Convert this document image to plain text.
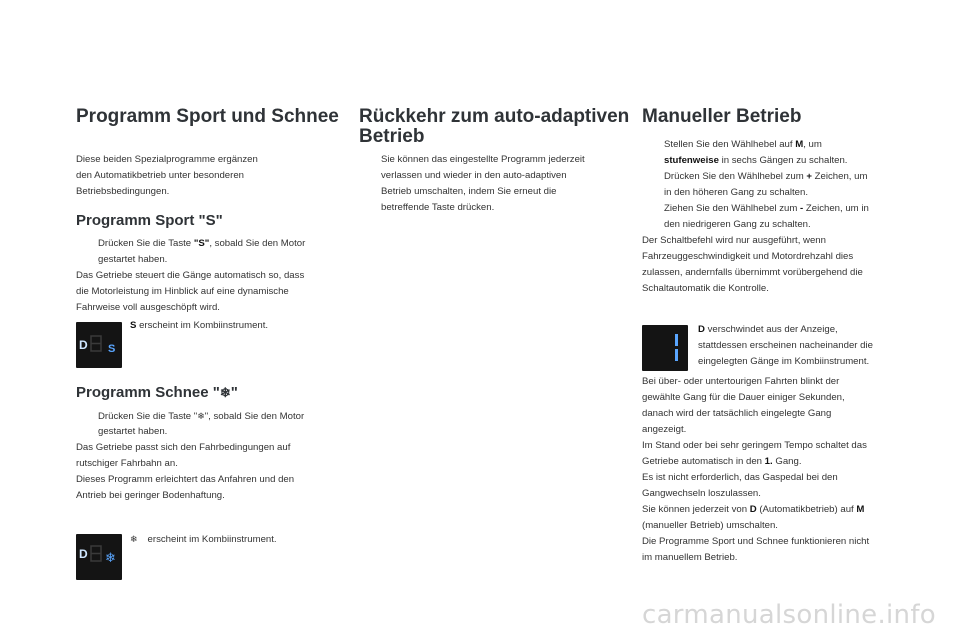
Programm Sport und Schnee

Diese beiden Spezialprogramme ergänzen

den Automatikbetrieb unter besonderen

Betriebsbedingungen.

Programm Sport "S"

Drücken Sie die Taste "S", sobald Sie den Motor

gestartet haben.

Das Getriebe steuert die Gänge automatisch so, dass

die Motorleistung im Hinblick auf eine dynamische

Fahrweise voll ausgeschöpft wird.

S erscheint im Kombiinstrument.

D S
Programm Schnee "❄"

Drücken Sie die Taste "❄", sobald Sie den Motor

gestartet haben.

Das Getriebe passt sich den Fahrbedingungen auf

rutschiger Fahrbahn an.

Dieses Programm erleichtert das Anfahren und den

Antrieb bei geringer Bodenhaftung.

❄ erscheint im Kombiinstrument.

D ❄
Rückkehr zum auto-adaptiven
Betrieb

Sie können das eingestellte Programm jederzeit

verlassen und wieder in den auto-adaptiven

Betrieb umschalten, indem Sie erneut die

betreffende Taste drücken.

Manueller Betrieb

Stellen Sie den Wählhebel auf M, um

stufenweise in sechs Gängen zu schalten.

Drücken Sie den Wählhebel zum + Zeichen, um

in den höheren Gang zu schalten.

Ziehen Sie den Wählhebel zum - Zeichen, um in

den niedrigeren Gang zu schalten.

Der Schaltbefehl wird nur ausgeführt, wenn

Fahrzeuggeschwindigkeit und Motordrehzahl dies

zulassen, andernfalls übernimmt vorübergehend die

Schaltautomatik die Kontrolle.

1	D verschwindet aus der Anzeige,

stattdessen erscheinen nacheinander die

eingelegten Gänge im Kombiinstrument.

Bei über- oder untertourigen Fahrten blinkt der

gewählte Gang für die Dauer einiger Sekunden,

danach wird der tatsächlich eingelegte Gang

angezeigt.

Im Stand oder bei sehr geringem Tempo schaltet das

Getriebe automatisch in den 1. Gang.

Es ist nicht erforderlich, das Gaspedal bei den

Gangwechseln loszulassen.

Sie können jederzeit von D (Automatikbetrieb) auf M

(manueller Betrieb) umschalten.

Die Programme Sport und Schnee funktionieren nicht

im manuellem Betrieb.

carmanualsonline.info
